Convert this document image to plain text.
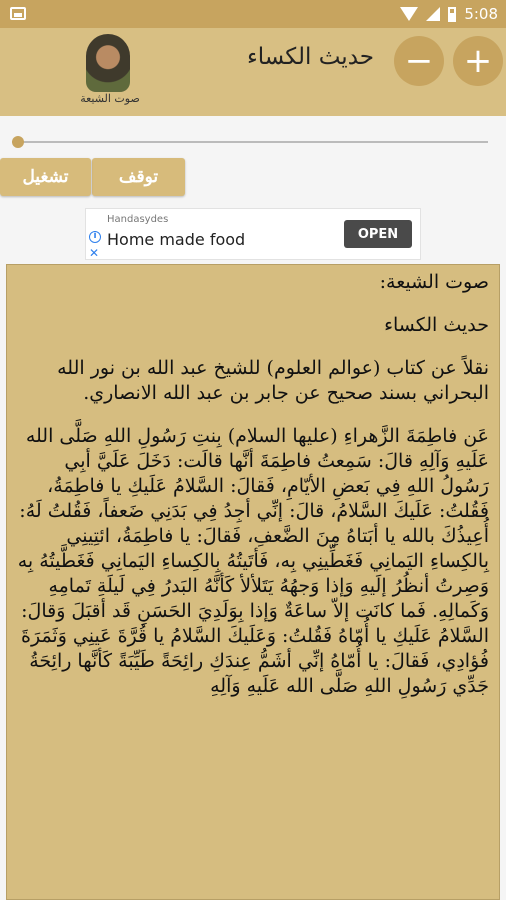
5:08
صوت الشيعة
حديث الكساء − +
توقف
تشغيل
Handasydes
i
✕
Home made food	OPEN

صوت الشيعة:

حديث الكساء

نقلاً عن كتاب (عوالم العلوم) للشيخ عبد الله بن نور الله البحراني بسند صحيح عن جابر بن عبد الله الانصاري.

عَن فاطِمَةَ الزَّهراءِ (عليها السلام) بِنتِ رَسُولِ اللهِ صَلَّى الله عَلَيهِ وَآلِهِ قالَ: سَمِعتُ فاطِمَةَ أنَّها قالَت: دَخَلَ عَلَيَّ أبِي رَسُولُ اللهِ فِي بَعضِ الأيّامِ، فَقالَ: السَّلامُ عَلَيكِ يا فاطِمَةُ، فَقُلتُ: عَلَيكَ السَّلامُ، قالَ: إنِّي أجِدُ فِي بَدَنِي ضَعفاً، فَقُلتُ لَهُ: أُعِيذُكَ بالله يا أبَتاهُ مِنَ الضَّعفِ، فَقالَ: يا فاطِمَةُ، ائتِينِي بِالكِساءِ اليَمانِي فَغَطِّينِي بِه، فَأتَيتُهُ بِالكِساءِ اليَمانِي فَغَطَّيتُهُ بِه وَصِرتُ أنظُرُ إلَيهِ وَإذا وَجهُهُ يَتَلألأ كَأنَّهُ البَدرُ فِي لَيلَةِ تَمامِهِ وَكَمالِهِ. فَما كانَت إلاّ ساعَةٌ وَإذا بِوَلَدِيَ الحَسَنِ قَد أقبَلَ وَقالَ: السَّلامُ عَلَيكِ يا أُمّاهُ فَقُلتُ: وَعَلَيكَ السَّلامُ يا قُرَّةَ عَينِي وَثَمَرَةَ فُؤادِي، فَقالَ: يا أُمّاهُ إنِّي أشَمُّ عِندَكِ رائِحَةً طَيِّبَةً كَأنَّها رائِحَةُ جَدِّي رَسُولِ اللهِ صَلَّى الله عَلَيهِ وَآلِهِ
